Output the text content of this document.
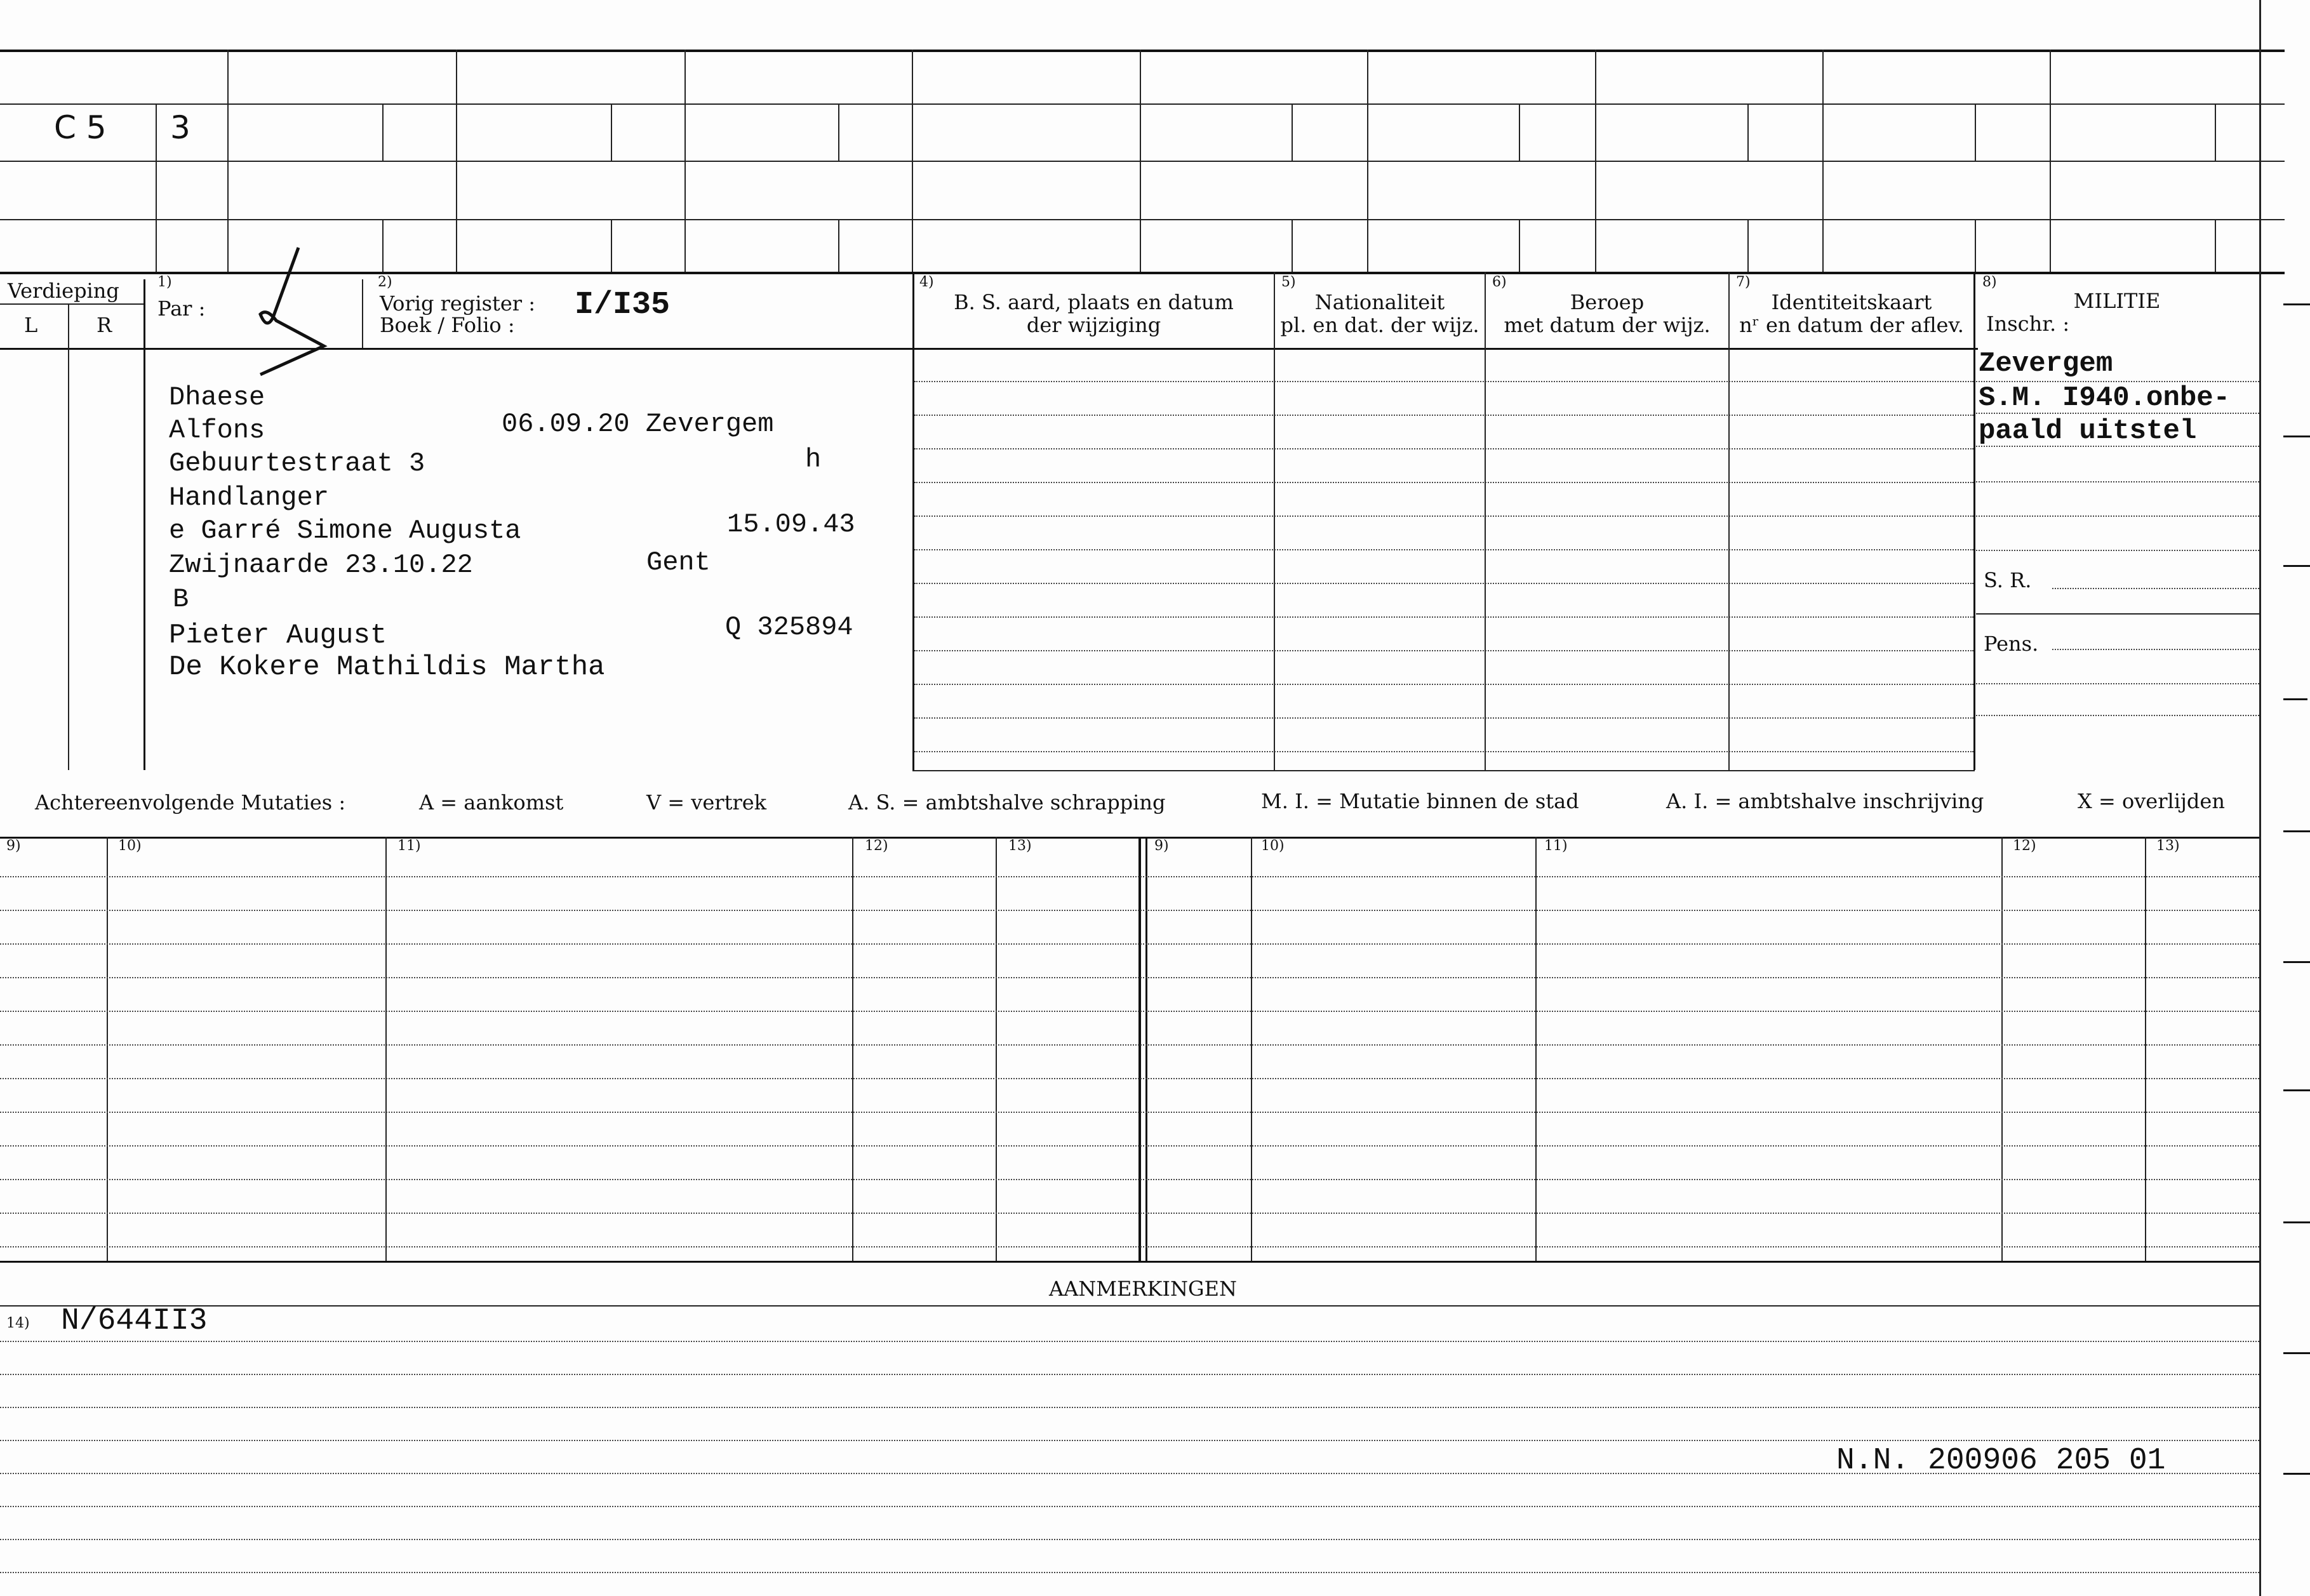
C 5 3
Verdieping
L	R
1)
Par :
2)
Vorig register : I/I35
Boek / Folio :
4)
B. S. aard, plaats en datum
der wijziging
5)
Nationaliteit
pl. en dat. der wijz.
6)
Beroep
met datum der wijz.
7)
Identiteitskaart
nʳ en datum der aflev.
8)
MILITIE
Inschr. :
Dhaese
Alfons	06.09.20 Zevergem
Gebuurtestraat 3	h
Handlanger
e Garré Simone Augusta	15.09.43
Zwijnaarde 23.10.22	Gent
B
Pieter August	Q 325894
De Kokere Mathildis Martha
Zevergem
S.M. I940.onbe-
paald uitstel
S. R.
Pens.
Achtereenvolgende Mutaties :	A = aankomst	V = vertrek	A. S. = ambtshalve schrapping	M. I. = Mutatie binnen de stad	A. I. = ambtshalve inschrijving	X = overlijden
9)	10)	11)	12)	13)	9)	10)	11)	12)	13)
AANMERKINGEN
14) N/644II3
N.N. 200906 205 01
